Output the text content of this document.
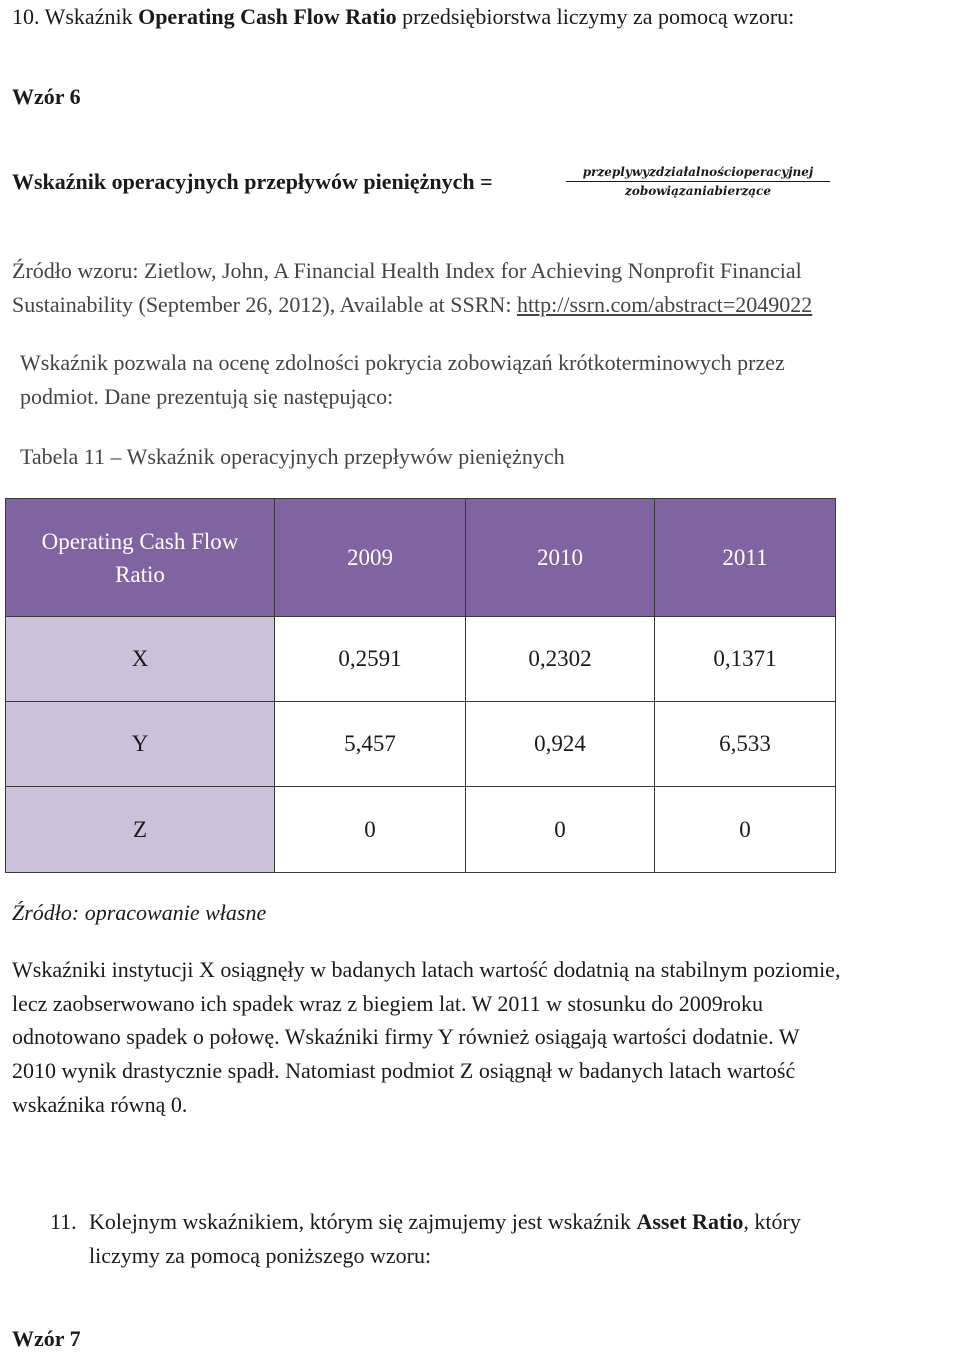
10. Wskaźnik Operating Cash Flow Ratio przedsiębiorstwa liczymy za pomocą wzoru:
Wzór 6
Wskaźnik operacyjnych przepływów pieniężnych =	przeplywyzdziałalnościoperacyjnej
zobowiązaniabierzące
Źródło wzoru: Zietlow, John, A Financial Health Index for Achieving Nonprofit Financial
Sustainability (September 26, 2012), Available at SSRN: http://ssrn.com/abstract=2049022
Wskaźnik pozwala na ocenę zdolności pokrycia zobowiązań krótkoterminowych przez
podmiot. Dane prezentują się następująco:
Tabela 11 – Wskaźnik operacyjnych przepływów pieniężnych
Operating Cash Flow
Ratio	2009	2010	2011
X	0,2591	0,2302	0,1371
Y	5,457	0,924	6,533
Z	0	0	0
Źródło: opracowanie własne
Wskaźniki instytucji X osiągnęły w badanych latach wartość dodatnią na stabilnym poziomie,
lecz zaobserwowano ich spadek wraz z biegiem lat. W 2011 w stosunku do 2009roku
odnotowano spadek o połowę. Wskaźniki firmy Y również osiągają wartości dodatnie. W
2010 wynik drastycznie spadł. Natomiast podmiot Z osiągnął w badanych latach wartość
wskaźnika równą 0.
11. Kolejnym wskaźnikiem, którym się zajmujemy jest wskaźnik Asset Ratio, który
liczymy za pomocą poniższego wzoru:
Wzór 7
